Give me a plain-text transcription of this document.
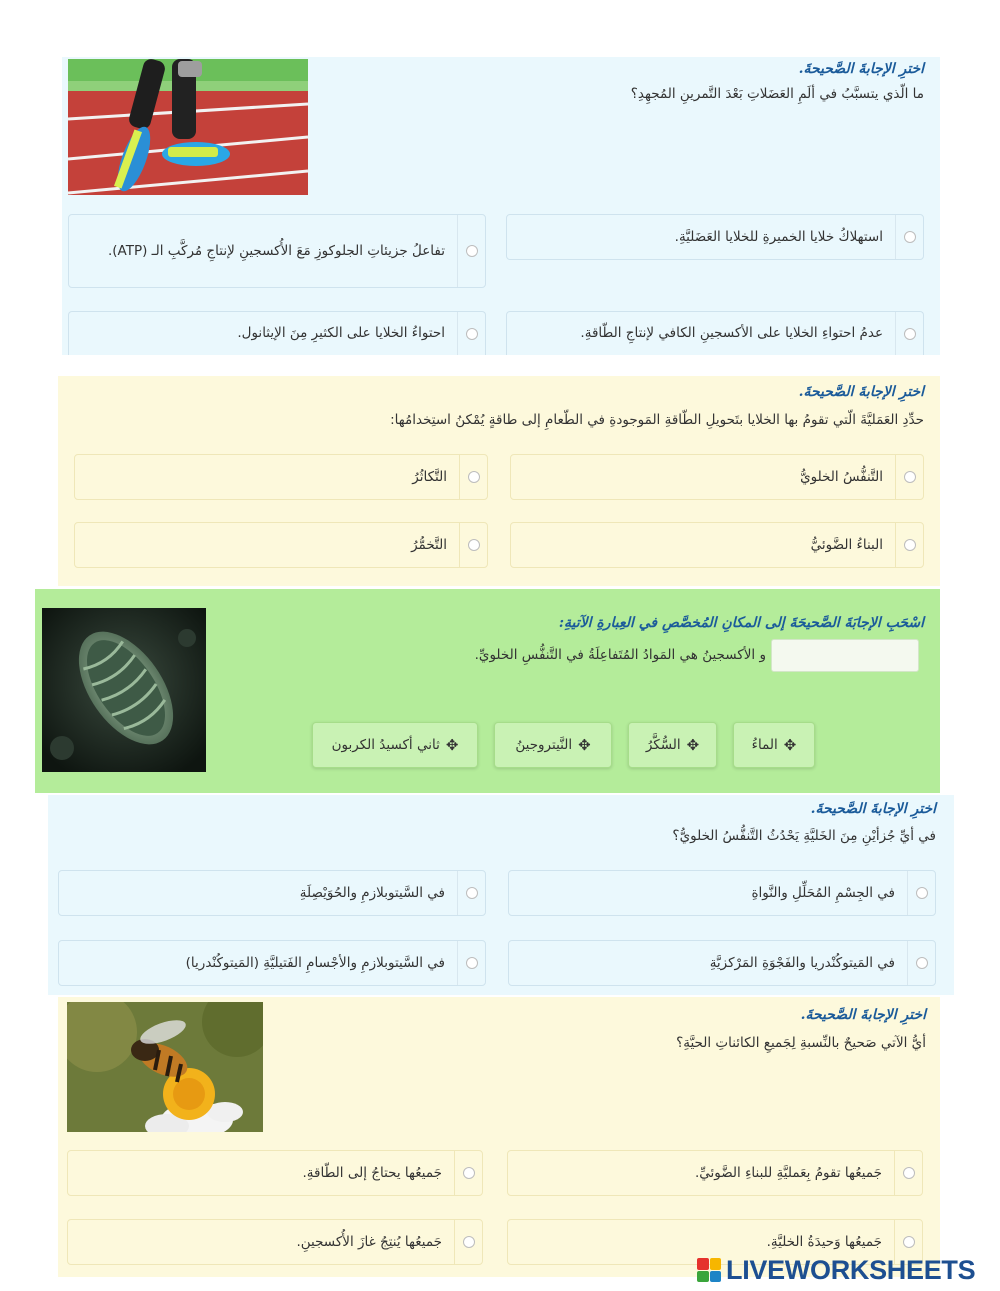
اخترِ الإجابةَ الصَّحيحةَ.
ما الّذي يتسبَّبُ في ألَمِ العَضَلاتِ بَعْدَ التَّمرينِ المُجهِدِ؟
استهلاكُ خلايا الخميرةِ للخلايا العَضَليَّةِ.
تفاعلُ جزيئاتِ الجلوكوزِ مَعَ الأُكسجينِ لإنتاجِ مُركَّبِ الـ (ATP).
عدمُ احتواءِ الخلايا على الأكسجينِ الكافي لإنتاجِ الطّاقةِ.
احتواءُ الخلايا على الكثيرِ مِنَ الإيثانول.
اخترِ الإجابةَ الصَّحيحةَ.
حدِّدِ العَمَليَّةَ الّتي تقومُ بها الخلايا بتَحويلِ الطّاقةِ المَوجودةِ في الطّعامِ إلى طاقةٍ يُمْكنُ استِخدامُها:
التَّنفُّسُ الخلويُّ
التَّكاثُرُ
البناءُ الضَّوئيُّ
التَّخمُّرُ
اسْحَبِ الإجابَةَ الصَّحيحَةَ إلى المكانِ المُخصَّصِ في العِبارةِ الآتيةِ:
و الأكسجينُ هي المَوادُ المُتَفاعِلَةُ في التَّنفُّسِ الخلويِّ.
✥
الماءُ
✥
السُّكَّرُ
✥
النَّيتروجينُ
✥
ثاني أكسيدُ الكربون
اخترِ الإجابةَ الصَّحيحةَ.
في أيِّ جُزأيْنِ مِنَ الخَليَّةِ يَحْدُثُ التَّنفُّسُ الخلويُّ؟
في الجِسْمِ المُحَلِّلِ والنَّواةِ
في السَّيتوبلازمِ والحُوَيْصِلَةِ
في المَيتوكُنْدريا والفَجْوَةِ المَرْكزيَّةِ
في السَّيتوبلازمِ والأجْسامِ الفَتيليَّةِ (المَيتوكُنْدريا)
اخترِ الإجابةَ الصَّحيحةَ.
أيُّ الآتي صَحيحٌ بالنِّسبةِ لِجَميعِ الكائناتِ الحيَّةِ؟
جَميعُها تقومُ بِعَمليَّةِ للبناءِ الضَّوئيِّ.
جَميعُها يحتاجُ إلى الطّاقةِ.
جَميعُها وَحيدَةُ الخليَّةِ.
جَميعُها يُنتِجُ غازَ الأُكسجينِ.
LIVEWORKSHEETS
